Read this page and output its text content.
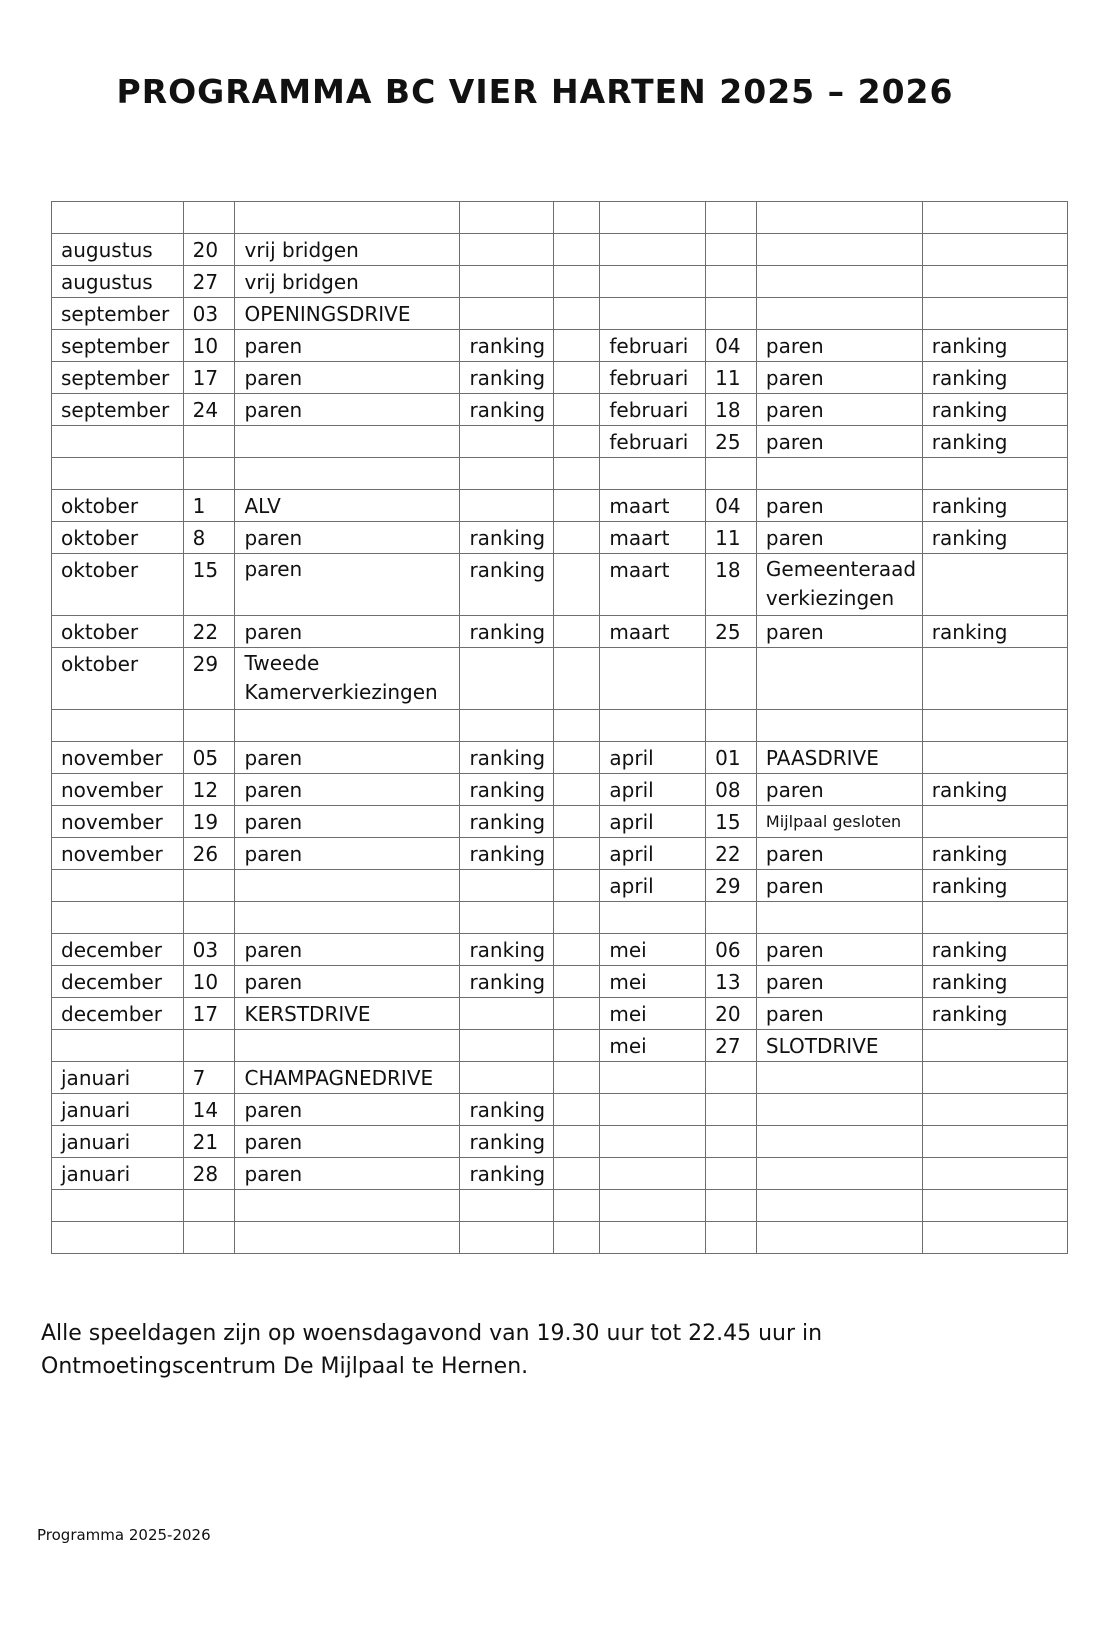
PROGRAMMA BC VIER HARTEN 2025 – 2026

augustus	20	vrij bridgen						
augustus	27	vrij bridgen						
september	03	OPENINGSDRIVE						
september	10	paren	ranking		februari	04	paren	ranking
september	17	paren	ranking		februari	11	paren	ranking
september	24	paren	ranking		februari	18	paren	ranking
					februari	25	paren	ranking

oktober	1	ALV			maart	04	paren	ranking
oktober	8	paren	ranking		maart	11	paren	ranking
oktober	15	paren	ranking		maart	18	Gemeenteraad verkiezingen	
oktober	22	paren	ranking		maart	25	paren	ranking
oktober	29	Tweede Kamerverkiezingen						

november	05	paren	ranking		april	01	PAASDRIVE	
november	12	paren	ranking		april	08	paren	ranking
november	19	paren	ranking		april	15	Mijlpaal gesloten	
november	26	paren	ranking		april	22	paren	ranking
					april	29	paren	ranking

december	03	paren	ranking		mei	06	paren	ranking
december	10	paren	ranking		mei	13	paren	ranking
december	17	KERSTDRIVE			mei	20	paren	ranking
					mei	27	SLOTDRIVE	
januari	7	CHAMPAGNEDRIVE						
januari	14	paren	ranking					
januari	21	paren	ranking					
januari	28	paren	ranking					

Alle speeldagen zijn op woensdagavond van 19.30 uur tot 22.45 uur in
Ontmoetingscentrum De Mijlpaal te Hernen.

Programma 2025-2026
